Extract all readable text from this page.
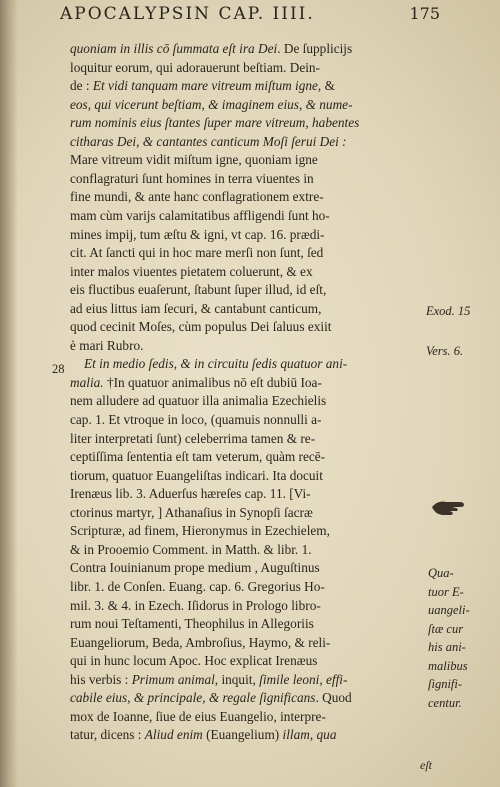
APOCALYPSIN CAP. IIII.	175
quoniam in illis cō ſummata eſt ira Dei. De ſupplicijs
loquitur eorum, qui adorauerunt beſtiam. Dein-
de : Et vidi tanquam mare vitreum miſtum igne, &
eos, qui vicerunt beſtiam, & imaginem eius, & nume-
rum nominis eius ſtantes ſuper mare vitreum, habentes
citharas Dei, & cantantes canticum Moſi ſerui Dei :
Mare vitreum vidit miſtum igne, quoniam igne
conflagraturi ſunt homines in terra viuentes in
fine mundi, & ante hanc conflagrationem extre-
mam cùm varijs calamitatibus affligendi ſunt ho-
mines impij, tum æſtu & igni, vt cap. 16. prædi-
cit. At ſancti qui in hoc mare merſi non ſunt, ſed
inter malos viuentes pietatem coluerunt, & ex
eis fluctibus euaſerunt, ſtabunt ſuper illud, id eſt,
ad eius littus iam ſecuri, & cantabunt canticum,
quod cecinit Moſes, cùm populus Dei ſaluus exiit
è mari Rubro.
Et in medio ſedis, & in circuitu ſedis quatuor ani-
malia. †In quatuor animalibus nō eſt dubiū Ioa-
nem alludere ad quatuor illa animalia Ezechielis
cap. 1. Et vtroque in loco, (quamuis nonnulli a-
liter interpretati ſunt) celeberrima tamen & re-
ceptiſſima ſententia eſt tam veterum, quàm recē-
tiorum, quatuor Euangeliſtas indicari. Ita docuit
Irenæus lib. 3. Aduerſus hæreſes cap. 11. [Vi-
ctorinus martyr, ] Athanaſius in Synopſi ſacræ
Scripturæ, ad finem, Hieronymus in Ezechielem,
& in Prooemio Comment. in Matth. & libr. 1.
Contra Iouinianum prope medium , Auguſtinus
libr. 1. de Conſen. Euang. cap. 6. Gregorius Ho-
mil. 3. & 4. in Ezech. Iſidorus in Prologo libro-
rum noui Teſtamenti, Theophilus in Allegoriis
Euangeliorum, Beda, Ambroſius, Haymo, & reli-
qui in hunc locum Apoc. Hoc explicat Irenæus
his verbis : Primum animal, inquit, ſimile leoni, effi-
cabile eius, & principale, & regale ſignificans. Quod
mox de Ioanne, ſiue de eius Euangelio, interpre-
tatur, dicens : Aliud enim (Euangelium) illam, qua
Exod. 15
Vers. 6.
28
Qua-
tuor E-
uangeli-
ſtæ cur
his ani-
malibus
ſignifi-
centur.
eſt
